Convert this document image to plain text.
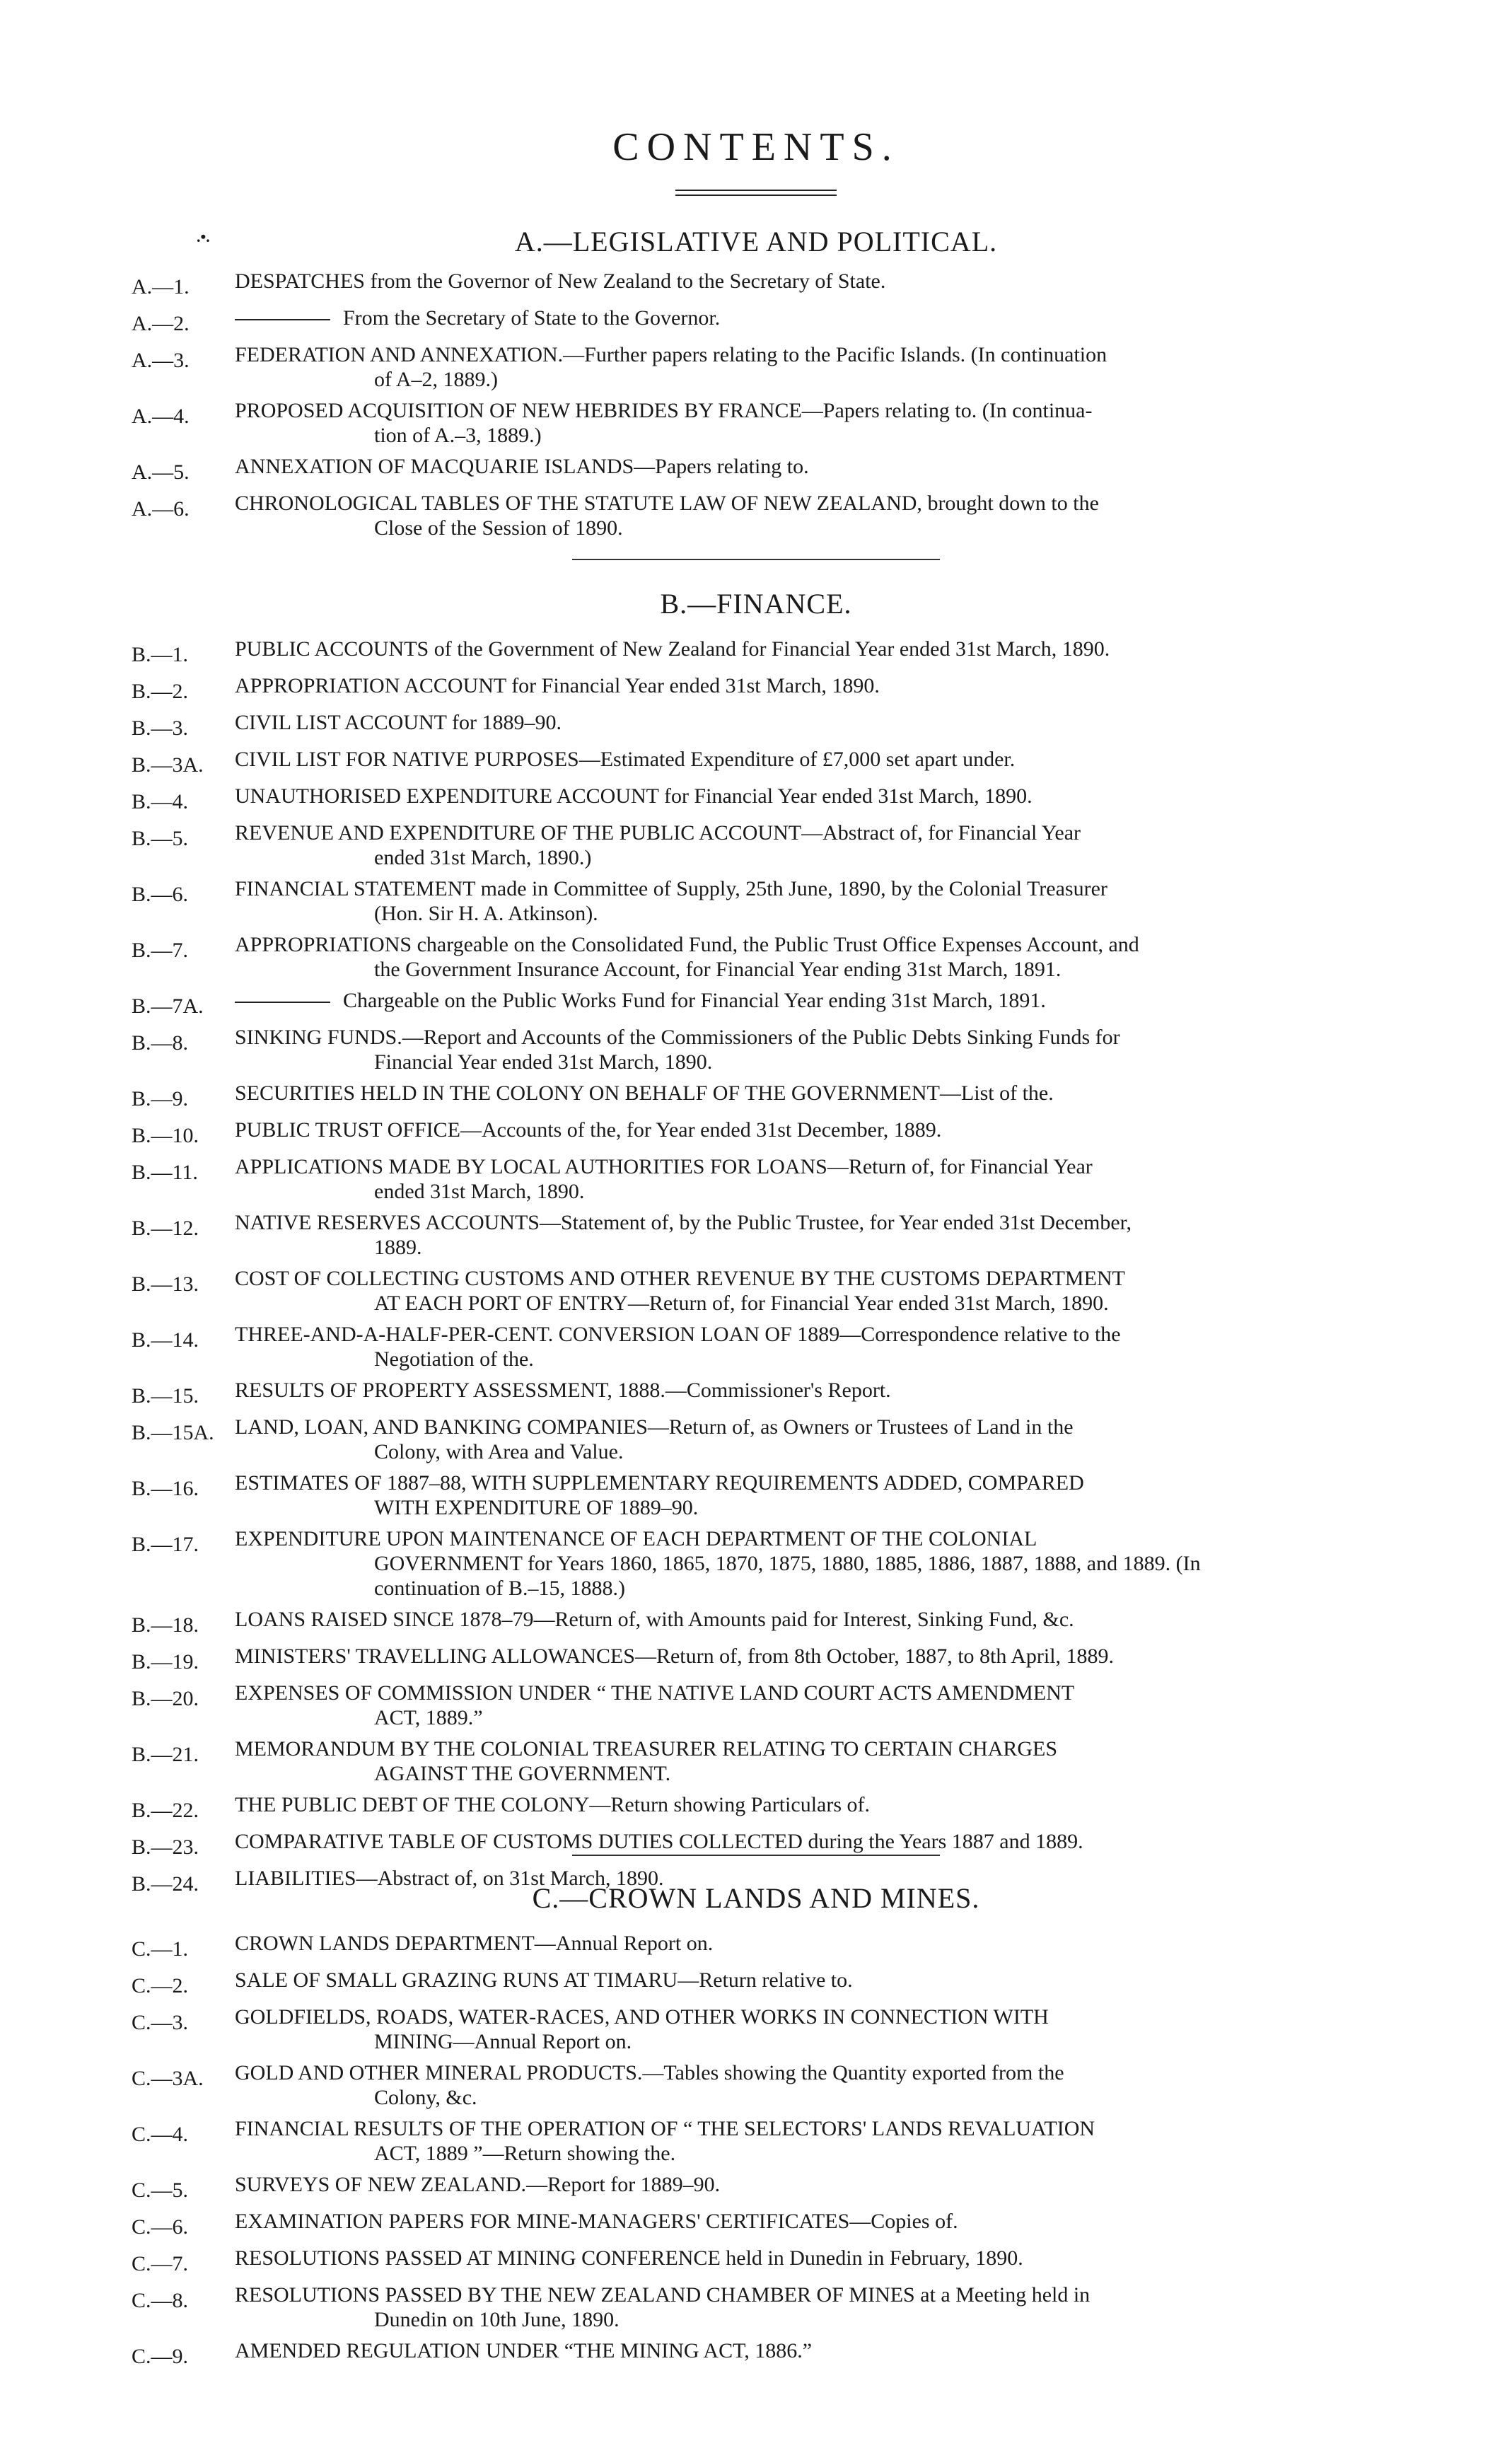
CONTENTS.
.•.	A.—LEGISLATIVE AND POLITICAL.
A.—1.	DESPATCHES from the Governor of New Zealand to the Secretary of State.
A.—2.	From the Secretary of State to the Governor.
A.—3.	FEDERATION AND ANNEXATION.—Further papers relating to the Pacific Islands. (In continuation
of A–2, 1889.)
A.—4.	PROPOSED ACQUISITION OF NEW HEBRIDES BY FRANCE—Papers relating to. (In continua-
tion of A.–3, 1889.)
A.—5.	ANNEXATION OF MACQUARIE ISLANDS—Papers relating to.
A.—6.	CHRONOLOGICAL TABLES OF THE STATUTE LAW OF NEW ZEALAND, brought down to the
Close of the Session of 1890.
B.—FINANCE.
B.—1.	PUBLIC ACCOUNTS of the Government of New Zealand for Financial Year ended 31st March, 1890.
B.—2.	APPROPRIATION ACCOUNT for Financial Year ended 31st March, 1890.
B.—3.	CIVIL LIST ACCOUNT for 1889–90.
B.—3A.	CIVIL LIST FOR NATIVE PURPOSES—Estimated Expenditure of £7,000 set apart under.
B.—4.	UNAUTHORISED EXPENDITURE ACCOUNT for Financial Year ended 31st March, 1890.
B.—5.	REVENUE AND EXPENDITURE OF THE PUBLIC ACCOUNT—Abstract of, for Financial Year
ended 31st March, 1890.)
B.—6.	FINANCIAL STATEMENT made in Committee of Supply, 25th June, 1890, by the Colonial Treasurer
(Hon. Sir H. A. Atkinson).
B.—7.	APPROPRIATIONS chargeable on the Consolidated Fund, the Public Trust Office Expenses Account, and
the Government Insurance Account, for Financial Year ending 31st March, 1891.
B.—7A.	Chargeable on the Public Works Fund for Financial Year ending 31st March, 1891.
B.—8.	SINKING FUNDS.—Report and Accounts of the Commissioners of the Public Debts Sinking Funds for
Financial Year ended 31st March, 1890.
B.—9.	SECURITIES HELD IN THE COLONY ON BEHALF OF THE GOVERNMENT—List of the.
B.—10.	PUBLIC TRUST OFFICE—Accounts of the, for Year ended 31st December, 1889.
B.—11.	APPLICATIONS MADE BY LOCAL AUTHORITIES FOR LOANS—Return of, for Financial Year
ended 31st March, 1890.
B.—12.	NATIVE RESERVES ACCOUNTS—Statement of, by the Public Trustee, for Year ended 31st December,
1889.
B.—13.	COST OF COLLECTING CUSTOMS AND OTHER REVENUE BY THE CUSTOMS DEPARTMENT
AT EACH PORT OF ENTRY—Return of, for Financial Year ended 31st March, 1890.
B.—14.	THREE-AND-A-HALF-PER-CENT. CONVERSION LOAN OF 1889—Correspondence relative to the
Negotiation of the.
B.—15.	RESULTS OF PROPERTY ASSESSMENT, 1888.—Commissioner's Report.
B.—15A. LAND, LOAN, AND BANKING COMPANIES—Return of, as Owners or Trustees of Land in the
Colony, with Area and Value.
B.—16.	ESTIMATES OF 1887–88, WITH SUPPLEMENTARY REQUIREMENTS ADDED, COMPARED
WITH EXPENDITURE OF 1889–90.
B.—17.	EXPENDITURE UPON MAINTENANCE OF EACH DEPARTMENT OF THE COLONIAL
GOVERNMENT for Years 1860, 1865, 1870, 1875, 1880, 1885, 1886, 1887, 1888, and 1889. (In
continuation of B.–15, 1888.)
B.—18.	LOANS RAISED SINCE 1878–79—Return of, with Amounts paid for Interest, Sinking Fund, &c.
B.—19.	MINISTERS' TRAVELLING ALLOWANCES—Return of, from 8th October, 1887, to 8th April, 1889.
B.—20.	EXPENSES OF COMMISSION UNDER “ THE NATIVE LAND COURT ACTS AMENDMENT
ACT, 1889.”
B.—21.	MEMORANDUM BY THE COLONIAL TREASURER RELATING TO CERTAIN CHARGES
AGAINST THE GOVERNMENT.
B.—22.	THE PUBLIC DEBT OF THE COLONY—Return showing Particulars of.
B.—23.	COMPARATIVE TABLE OF CUSTOMS DUTIES COLLECTED during the Years 1887 and 1889.
B.—24.	LIABILITIES—Abstract of, on 31st March, 1890.
C.—CROWN LANDS AND MINES.
C.—1.	CROWN LANDS DEPARTMENT—Annual Report on.
C.—2.	SALE OF SMALL GRAZING RUNS AT TIMARU—Return relative to.
C.—3.	GOLDFIELDS, ROADS, WATER-RACES, AND OTHER WORKS IN CONNECTION WITH
MINING—Annual Report on.
C.—3A.	GOLD AND OTHER MINERAL PRODUCTS.—Tables showing the Quantity exported from the
Colony, &c.
C.—4.	FINANCIAL RESULTS OF THE OPERATION OF “ THE SELECTORS' LANDS REVALUATION
ACT, 1889 ”—Return showing the.
C.—5.	SURVEYS OF NEW ZEALAND.—Report for 1889–90.
C.—6.	EXAMINATION PAPERS FOR MINE-MANAGERS' CERTIFICATES—Copies of.
C.—7.	RESOLUTIONS PASSED AT MINING CONFERENCE held in Dunedin in February, 1890.
C.—8.	RESOLUTIONS PASSED BY THE NEW ZEALAND CHAMBER OF MINES at a Meeting held in
Dunedin on 10th June, 1890.
C.—9.	AMENDED REGULATION UNDER “THE MINING ACT, 1886.”
